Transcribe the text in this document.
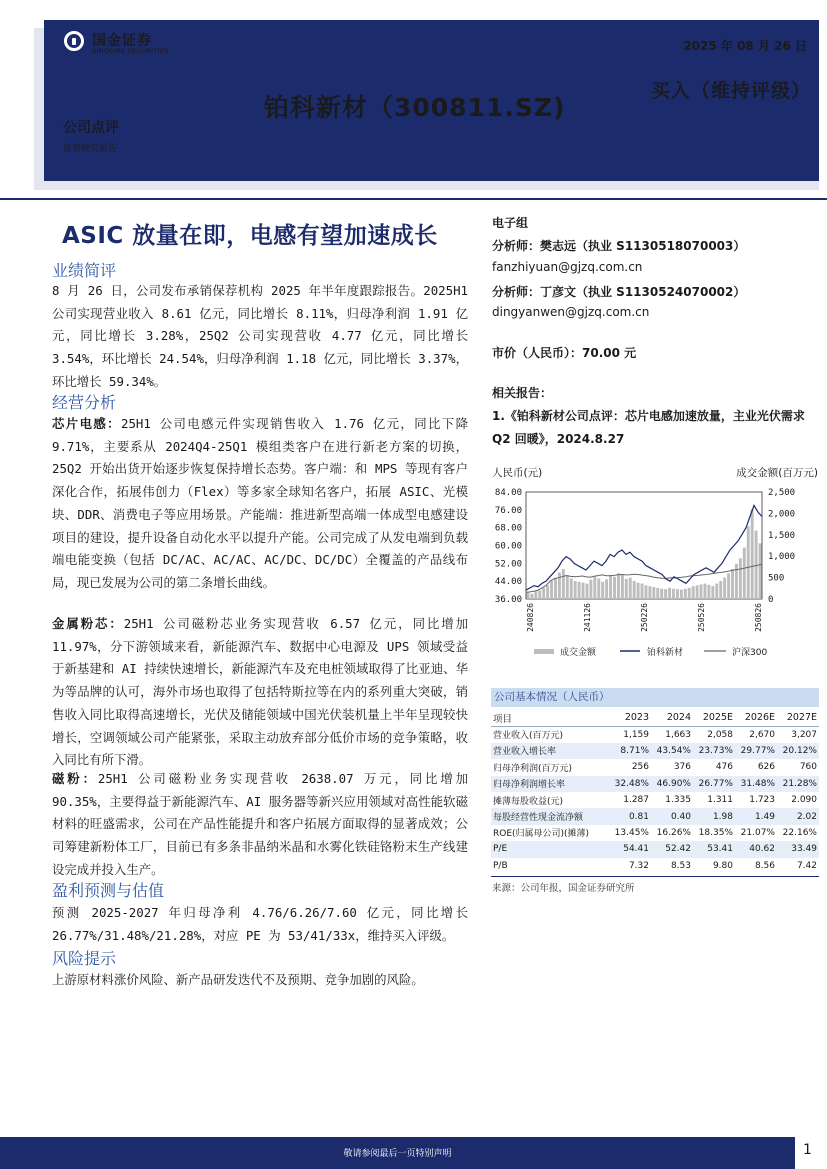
国金证券
SINOLINK SECURITIES	2025 年 08 月 26 日
买入（维持评级）
铂科新材（300811.SZ)
公司点评
证券研究报告
ASIC 放量在即，电感有望加速成长
业绩简评
8 月 26 日，公司发布承销保荐机构 2025 年半年度跟踪报告。2025H1 公司实现营业收入 8.61 亿元，同比增长 8.11%，归母净利润 1.91 亿元，同比增长 3.28%，25Q2 公司实现营收 4.77 亿元，同比增长 3.54%，环比增长 24.54%，归母净利润 1.18 亿元，同比增长 3.37%，环比增长 59.34%。
经营分析
芯片电感：25H1 公司电感元件实现销售收入 1.76 亿元，同比下降 9.71%，主要系从 2024Q4-25Q1 模组类客户在进行新老方案的切换，25Q2 开始出货开始逐步恢复保持增长态势。客户端：和 MPS 等现有客户深化合作，拓展伟创力（Flex）等多家全球知名客户，拓展 ASIC、光模块、DDR、消费电子等应用场景。产能端：推进新型高端一体成型电感建设项目的建设，提升设备自动化水平以提升产能。公司完成了从发电端到负载端电能变换（包括 DC/AC、AC/AC、AC/DC、DC/DC）全覆盖的产品线布局，现已发展为公司的第二条增长曲线。
金属粉芯：25H1 公司磁粉芯业务实现营收 6.57 亿元，同比增加 11.97%，分下游领域来看，新能源汽车、数据中心电源及 UPS 领域受益于新基建和 AI 持续快速增长，新能源汽车及充电桩领域取得了比亚迪、华为等品牌的认可，海外市场也取得了包括特斯拉等在内的系列重大突破，销售收入同比取得高速增长，光伏及储能领域中国光伏装机量上半年呈现较快增长，空调领域公司产能紧张，采取主动放弃部分低价市场的竞争策略，收入同比有所下滑。
磁粉：25H1 公司磁粉业务实现营收 2638.07 万元，同比增加 90.35%，主要得益于新能源汽车、AI 服务器等新兴应用领域对高性能软磁材料的旺盛需求，公司在产品性能提升和客户拓展方面取得的显著成效；公司筹建新粉体工厂，目前已有多条非晶纳米晶和水雾化铁硅铬粉末生产线建设完成并投入生产。
盈利预测与估值
预测 2025-2027 年归母净利 4.76/6.26/7.60 亿元，同比增长 26.77%/31.48%/21.28%，对应 PE 为 53/41/33x，维持买入评级。
风险提示
上游原材料涨价风险、新产品研发迭代不及预期、竞争加剧的风险。
电子组
分析师：樊志远（执业 S1130518070003）
fanzhiyuan@gjzq.com.cn
分析师：丁彦文（执业 S1130524070002）
dingyanwen@gjzq.com.cn
市价（人民币）：70.00 元
相关报告：
1.《铂科新材公司点评：芯片电感加速放量，主业光伏需求 Q2 回暖》，2024.8.27
人民币(元)	成交金额(百万元)
84.00
76.00
68.00
60.00
52.00
44.00
36.00
2,500
2,000
1,500
1,000
500
0
240826	241126	250226	250526	250826
成交金额	铂科新材	沪深300
公司基本情况（人民币）
项目	2023	2024	2025E	2026E	2027E
营业收入(百万元)	1,159	1,663	2,058	2,670	3,207
营业收入增长率	8.71%	43.54%	23.73%	29.77%	20.12%
归母净利润(百万元)	256	376	476	626	760
归母净利润增长率	32.48%	46.90%	26.77%	31.48%	21.28%
摊薄每股收益(元)	1.287	1.335	1.311	1.723	2.090
每股经营性现金流净额	0.81	0.40	1.98	1.49	2.02
ROE(归属母公司)(摊薄)	13.45%	16.26%	18.35%	21.07%	22.16%
P/E	54.41	52.42	53.41	40.62	33.49
P/B	7.32	8.53	9.80	8.56	7.42
来源：公司年报，国金证券研究所
敬请参阅最后一页特别声明	1
